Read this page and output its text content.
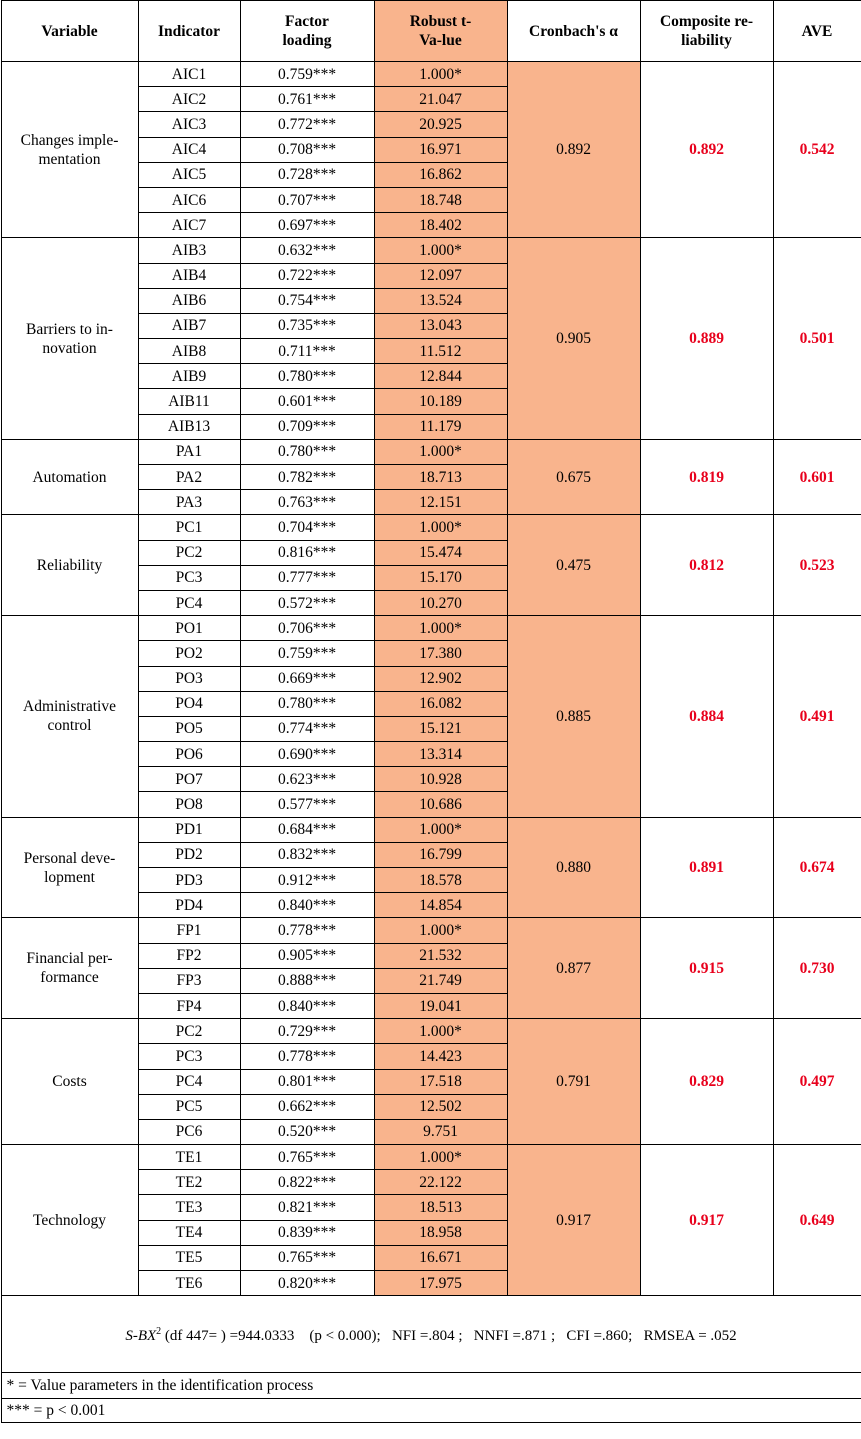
Variable	Indicator	Factor loading	Robust t-Va-lue	Cronbach's α	Composite re-liability	AVE
Changes imple-mentation	AIC1	0.759***	1.000*	0.892	0.892	0.542
	AIC2	0.761***	21.047			
	AIC3	0.772***	20.925			
	AIC4	0.708***	16.971			
	AIC5	0.728***	16.862			
	AIC6	0.707***	18.748			
	AIC7	0.697***	18.402			
Barriers to in-novation	AIB3	0.632***	1.000*	0.905	0.889	0.501
	AIB4	0.722***	12.097			
	AIB6	0.754***	13.524			
	AIB7	0.735***	13.043			
	AIB8	0.711***	11.512			
	AIB9	0.780***	12.844			
	AIB11	0.601***	10.189			
	AIB13	0.709***	11.179			
Automation	PA1	0.780***	1.000*	0.675	0.819	0.601
	PA2	0.782***	18.713			
	PA3	0.763***	12.151			
Reliability	PC1	0.704***	1.000*	0.475	0.812	0.523
	PC2	0.816***	15.474			
	PC3	0.777***	15.170			
	PC4	0.572***	10.270			
Administrative control	PO1	0.706***	1.000*	0.885	0.884	0.491
	PO2	0.759***	17.380			
	PO3	0.669***	12.902			
	PO4	0.780***	16.082			
	PO5	0.774***	15.121			
	PO6	0.690***	13.314			
	PO7	0.623***	10.928			
	PO8	0.577***	10.686			
Personal deve-lopment	PD1	0.684***	1.000*	0.880	0.891	0.674
	PD2	0.832***	16.799			
	PD3	0.912***	18.578			
	PD4	0.840***	14.854			
Financial per-formance	FP1	0.778***	1.000*	0.877	0.915	0.730
	FP2	0.905***	21.532			
	FP3	0.888***	21.749			
	FP4	0.840***	19.041			
Costs	PC2	0.729***	1.000*	0.791	0.829	0.497
	PC3	0.778***	14.423			
	PC4	0.801***	17.518			
	PC5	0.662***	12.502			
	PC6	0.520***	9.751			
Technology	TE1	0.765***	1.000*	0.917	0.917	0.649
	TE2	0.822***	22.122			
	TE3	0.821***	18.513			
	TE4	0.839***	18.958			
	TE5	0.765***	16.671			
	TE6	0.820***	17.975			
$S-BX^2$ (df 447= ) =944.0333    (p < 0.000);   NFI =.804 ;   NNFI =.871 ;   CFI =.860;   RMSEA = .052						
* = Value parameters in the identification process						
*** = p < 0.001						
